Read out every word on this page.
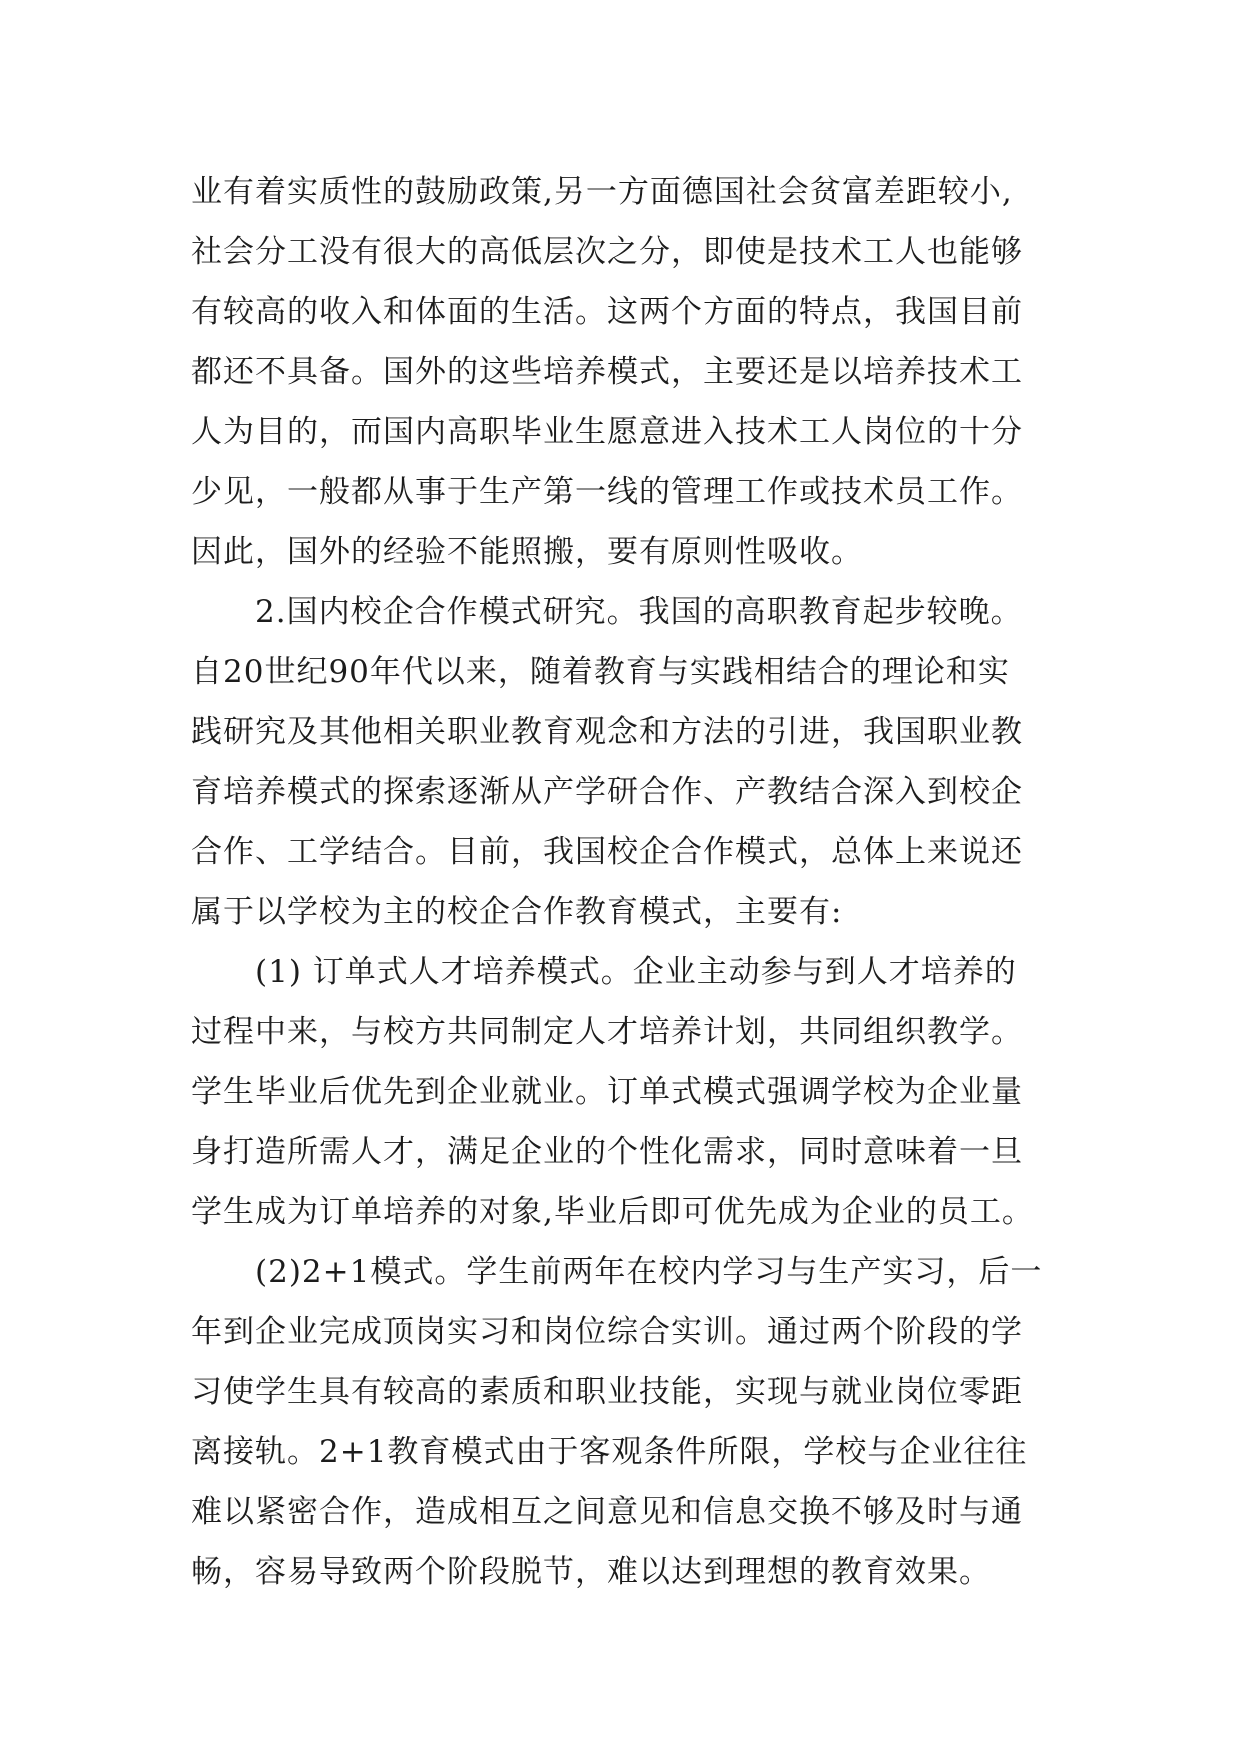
业有着实质性的鼓励政策,另一方面德国社会贫富差距较小,
社会分工没有很大的高低层次之分，即使是技术工人也能够
有较高的收入和体面的生活。这两个方面的特点，我国目前
都还不具备。国外的这些培养模式，主要还是以培养技术工
人为目的，而国内高职毕业生愿意进入技术工人岗位的十分
少见，一般都从事于生产第一线的管理工作或技术员工作。
因此，国外的经验不能照搬，要有原则性吸收。
2.国内校企合作模式研究。我国的高职教育起步较晚。
自20世纪90年代以来，随着教育与实践相结合的理论和实
践研究及其他相关职业教育观念和方法的引进，我国职业教
育培养模式的探索逐渐从产学研合作、产教结合深入到校企
合作、工学结合。目前，我国校企合作模式，总体上来说还
属于以学校为主的校企合作教育模式，主要有:
(1) 订单式人才培养模式。企业主动参与到人才培养的
过程中来，与校方共同制定人才培养计划，共同组织教学。
学生毕业后优先到企业就业。订单式模式强调学校为企业量
身打造所需人才，满足企业的个性化需求，同时意味着一旦
学生成为订单培养的对象,毕业后即可优先成为企业的员工。
(2)2+1模式。学生前两年在校内学习与生产实习，后一
年到企业完成顶岗实习和岗位综合实训。通过两个阶段的学
习使学生具有较高的素质和职业技能，实现与就业岗位零距
离接轨。2+1教育模式由于客观条件所限，学校与企业往往
难以紧密合作，造成相互之间意见和信息交换不够及时与通
畅，容易导致两个阶段脱节，难以达到理想的教育效果。
